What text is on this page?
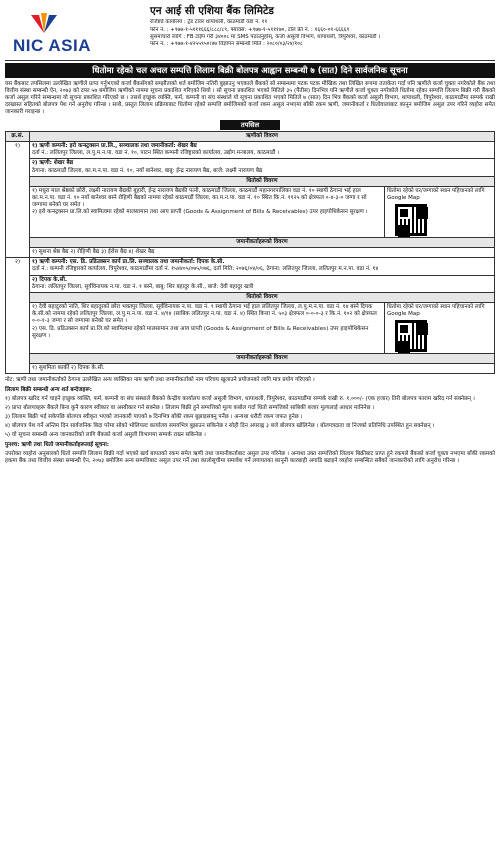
NIC ASIA
एन आई सी एशिया बैंक लिमिटेड
रजिष्टर्ड कार्यालय : ट्रेड टावर थापाथली, काठमाडौं वडा नं. ११
फोन नं. : +९७७-१-५१११६६६/८८८/८९, फ्याक्स: +९७७-१-५१११७०, टोल फ्री नं. : १६६०-०१-६६६६९
सुसमाचारो लागि : FB टाईप गरी ३४००८ मा SMS पठाउनुहोस्, कर्जा असुली विभाग, थापाथली, त्रिपुरेश्वर, काठमाडौं ।
फोन नं. : +९७७-१-४२५५९५०।४७ विज्ञापन सम्बन्धी मिति : २०८०/०३/२४/१०८
धितोमा रहेको चल अचल सम्पत्ति लिलाम बिक्री बोलपत्र आह्वान सम्बन्धी ७ (सात) दिने सार्वजनिक सूचना
यस बैंकबाट तपसिलमा उल्लेखित ऋणीले प्राप्त गर्नुभएको कर्जा बैंकसँगको सम्झौताको शर्त बमोजिम नतिरी बुझाउनु भएकाले बैंकको सो सम्बन्धमा पटक पटक मौखिक तथा लिखित रूपमा तताकेता गर्दा पनि ऋणीले कर्जा चुक्ता नगरेकोले बैंक तथा वित्तीय संस्था सम्बन्धी ऐन, २०७३ को दफा ५७ बमोजिम ऋणीको नाममा सूचना प्रकाशित गरिएको थियो । सो सूचना प्रकाशित भएको मितिले ३५ (पैंतीस) दिनभित्र पनि ऋणीले कर्जा चुक्ता नगरेकोले धितोमा रहेका सम्पत्ति लिलाम बिक्री गरी बैंकको कर्जा असुल गरिने सम्बन्धमा यो सूचना प्रकाशित गरिएको छ । तसर्थ इच्छुक व्यक्ति, फर्म, कम्पनी वा संघ संस्थाले यो सूचना प्रकाशित भएको मितिले ७ (सात) दिन भित्र बैंकको कर्जा असुली विभाग, थापाथली, त्रिपुरेश्वर, काठमाडौंमा सम्पर्क राखी दरखास्त सहितको बोलपत्र पेश गर्न अनुरोध गरिन्छ । साथै, प्रस्तुत लिलाम प्रक्रियाबाट धितोमा रहेको सम्पत्ति बमोजिमको कर्जा रकम असुल नभएमा बाँकी रकम ऋणी, जमानीकर्ता र धितोवालाबाट कानून बमोजिम असुल उपर गरिने व्यहोरा समेत जानकारी गराइन्छ ।
तपसिल
क्र.सं.	ऋणीको विवरण	
१)	१) ऋणी कम्पनी: इरो कन्स्ट्रक्सन प्रा.लि., सञ्चालक तथा जमानीकर्ता: शेखर बैद्य
दर्ता नं.: ललितपुर जिल्ला, ल.पु.म.न.पा. वडा नं. १०, पाटन स्थित कम्पनी रजिष्ट्रारको कार्यालय, उद्योग मन्त्रालय, काठमाडौं ।	

	२) ऋणी: शेखर बैद्य
ठेगाना: काठमाडौं जिल्ला, का.म.न.पा. वडा नं. १०, नयाँ बानेश्वर, बाबु: ईन्द्र नारायण बैद्य, बाजे: लक्ष्मी नारायण बैद्य	

	धितोको विवरण	

	१) मधुरा माल श्रेष्ठको छोरी, लक्ष्मी नारायण बैद्यकी बुहारी, ईन्द्र नारायण बैद्यकी पत्नी, काठमाडौं जिल्ला, काठमाडौं महानगरपालिका वडा नं. १० स्थायी ठेगाना भई हाल का.म.न.पा. वडा नं. १० नयाँ बानेश्वर बस्ने रोहिणी बैद्यको नाममा रहेको काठमाडौं जिल्ला, का.म.न.पा. वडा नं. १० स्थित कि.नं. ११२५ को क्षेत्रफल ०-४-३-० जग्गा र सो जग्गामा बनेको घर समेत ।
२) इरो कन्स्ट्रक्सन प्रा.लि.को स्वामित्वमा रहेको मालसामान तथा आय प्राप्ती (Goods & Assignment of Bills & Receivables) उपर हाइपोथिकेसन सुरक्षण ।	धितोमा रहेको घर/जग्गाको स्थान पहिचानको लागि Google Map

	जमानीकर्ताहरूको विवरण	
	१) सुशना श्रेष्ठ बैद्य २) रोहिणी बैद्य ३) ईरोस बैद्य ४) शेखर बैद्य	
२)	१) ऋणी कम्पनी: एस. डि. प्रडिउक्सन कार्प प्रा.लि. सञ्चालक तथा जमानीकर्ता: दिपक के.सी.
दर्ता नं.: कम्पनी रजिष्ट्रारको कार्यालय, त्रिपुरेश्वर, काठमाडौंमा दर्ता नं. १५४४०५/०७५/०७६, दर्ता मिति: २०७६/०४/०६, ठेगाना: ललितपुर जिल्ला, ललितपुर म.न.पा. वडा नं. १४	

	२) दिपक के.सी.
ठेगाना: ललितपुर जिल्ला, सुर्यविनायक न.पा. वडा नं. १ बस्ने, बाबु: शिर बहादुर के.सी., बाजे: देवी बहादुर खत्री	

	धितोको विवरण	

	१) देवी बहादुरको नाति, शिर बहादुरको छोरा भक्तपुर जिल्ला, सूर्यविनायक न.पा. वडा नं. ९ स्थायी ठेगाना भई हाल ललितपुर जिल्ला, ल.पु.म.न.पा. वडा नं. १४ बस्ने दिपक के.सी.को नाममा रहेको ललितपुर जिल्ला, ल.पु.म.न.पा. वडा नं. ४/१४ (साबिक ललितपुर न.पा. वडा नं. ४) स्थित कित्ता नं. ५०३ क्षेत्रफल ०-०-०-३ र कि.नं. १०२ को क्षेत्रफल ०-०-१-३ जग्गा र सो जग्गामा बनेको घर समेत ।
२) एस. डि. प्रडिउक्सन कार्प प्रा.लि.को स्वामित्वमा रहेको मालसामान तथा आय प्राप्ती (Goods & Assignment of Bills & Receivables) उपर हाइपोथिकेसन सुरक्षण ।	धितोमा रहेको घर/जग्गाको स्थान पहिचानको लागि Google Map

	जमानीकर्ताहरूको विवरण	
	१) सुशमिता कार्की २) दिपक के.सी.	

नोट: ऋणी तथा जमानीकर्ताको ठेगाना उल्लेखित अन्य व्यक्तिका नाम ऋणी तथा जमानीकर्ताको नाम परिचय खुलाउने प्रयोजनको लागि मात्र प्रयोग गरिएको ।

लिलाम बिक्री सम्बन्धी अन्य शर्त बन्देजहरू:

१) बोलपत्र खरिद गर्न चाहने इच्छुक व्यक्ति, फर्म, कम्पनी वा संघ संस्थाले बैंकको केन्द्रीय कार्यालय कर्जा असुली विभाग, थापाथली, त्रिपुरेश्वर, काठमाडौंमा सम्पर्क राखी रु. १,०००/- (एक हजार) तिरी बोलपत्र फाराम खरिद गर्न सक्नेछन् ।

२) प्राप्त बोलपत्रहरू बैंकले बिना कुनै कारण स्वीकार वा अस्वीकार गर्न सक्नेछ । लिलाम बिक्री हुने सम्पत्तिको मूल्य कबोल गर्दा धितो सम्पत्तिको साबिकी बजार मूल्यलाई आधार मानिनेछ ।

३) लिलाम बिक्री भई सकेपछि बोलपत्र स्वीकृत भएको जानकारी पाएको ७ दिनभित्र बाँकी रकम बुझाइसक्नु पर्नेछ । अन्यथा धरौटी रकम जफत हुनेछ ।

४) बोलपत्र पेश गर्ने अन्तिम दिन सार्वजनिक बिदा परेमा सोको भोलिपल्ट कार्यालय समयभित्र बुझाउन सकिनेछ र सोही दिन अपराह्न ३ बजे बोलपत्र खोलिनेछ । बोलपत्रदाता वा निजको प्रतिनिधि उपस्थित हुन सक्नेछन् ।

५) यो सूचना सम्बन्धी अन्य जानकारीको लागि बैंकको कर्जा असुली विभागमा सम्पर्क राख्न सकिनेछ ।

पुनश्च: ऋणी तथा धितो जमानीकर्ताहरूलाई सूचना:

उपरोक्त व्यहोरा अनुसारको धितो सम्पत्ति लिलाम बिक्री गर्दा भएको खर्च बापतको रकम समेत ऋणी तथा जमानीकर्ताबाट असुल उपर गरिनेछ । अन्यथा उक्त सम्पत्तिको लिलाम बिक्रीबाट प्राप्त हुने रकमले बैंकको कर्जा चुक्ता नभएमा बाँकी रकमको हकमा बैंक तथा वित्तीय संस्था सम्बन्धी ऐन, २०७३ बमोजिम अन्य सम्पत्तिबाट असुल उपर गर्ने तथा कालोसूचीमा समावेश गर्ने लगायतका कानूनी कारबाही अगाडि बढाइने व्यहोरा सम्बन्धित सबैको जानकारीको लागि अनुरोध गरिन्छ ।
